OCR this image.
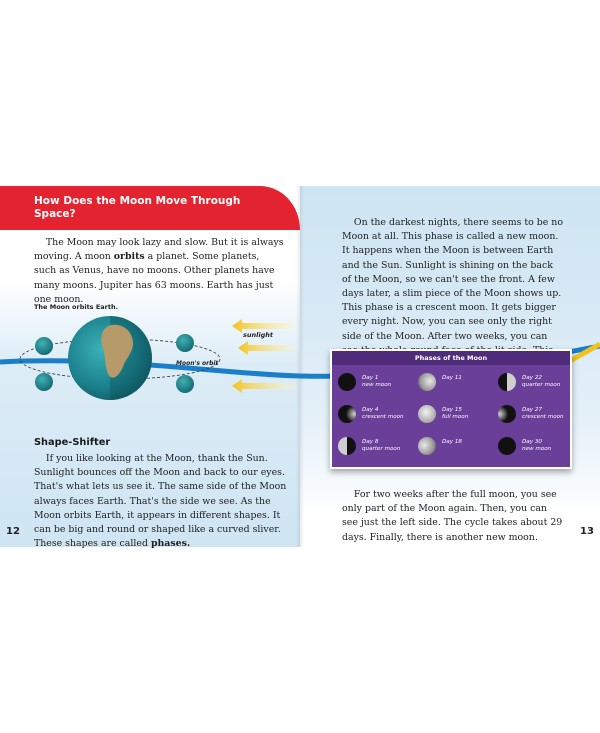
How Does the Moon Move Through Space?

The Moon may look lazy and slow. But it is always moving. A moon orbits a planet. Some planets, such as Venus, have no moons. Other planets have many moons. Jupiter has 63 moons. Earth has just one moon.

The Moon orbits Earth.
sunlight
Moon's orbit
Shape-Shifter

If you like looking at the Moon, thank the Sun. Sunlight bounces off the Moon and back to our eyes. That's what lets us see it. The same side of the Moon always faces Earth. That's the side we see. As the Moon orbits Earth, it appears in different shapes. It can be big and round or shaped like a curved sliver. These shapes are called phases.

12

On the darkest nights, there seems to be no Moon at all. This phase is called a new moon. It happens when the Moon is between Earth and the Sun. Sunlight is shining on the back of the Moon, so we can't see the front. A few days later, a slim piece of the Moon shows up. This phase is a crescent moon. It gets bigger every night. Now, you can see only the right side of the Moon. After two weeks, you can

Phases of the Moon
Day 1
new moon
Day 11	Day 22
quarter moon
Day 4
crescent moon
Day 15
full moon
Day 27
crescent moon
Day 8
quarter moon
Day 18	Day 30
new moon

For two weeks after the full moon, you see only part of the Moon again. Then, you can see just the left side. The cycle takes about 29 days. Finally, there is another new moon.

13
